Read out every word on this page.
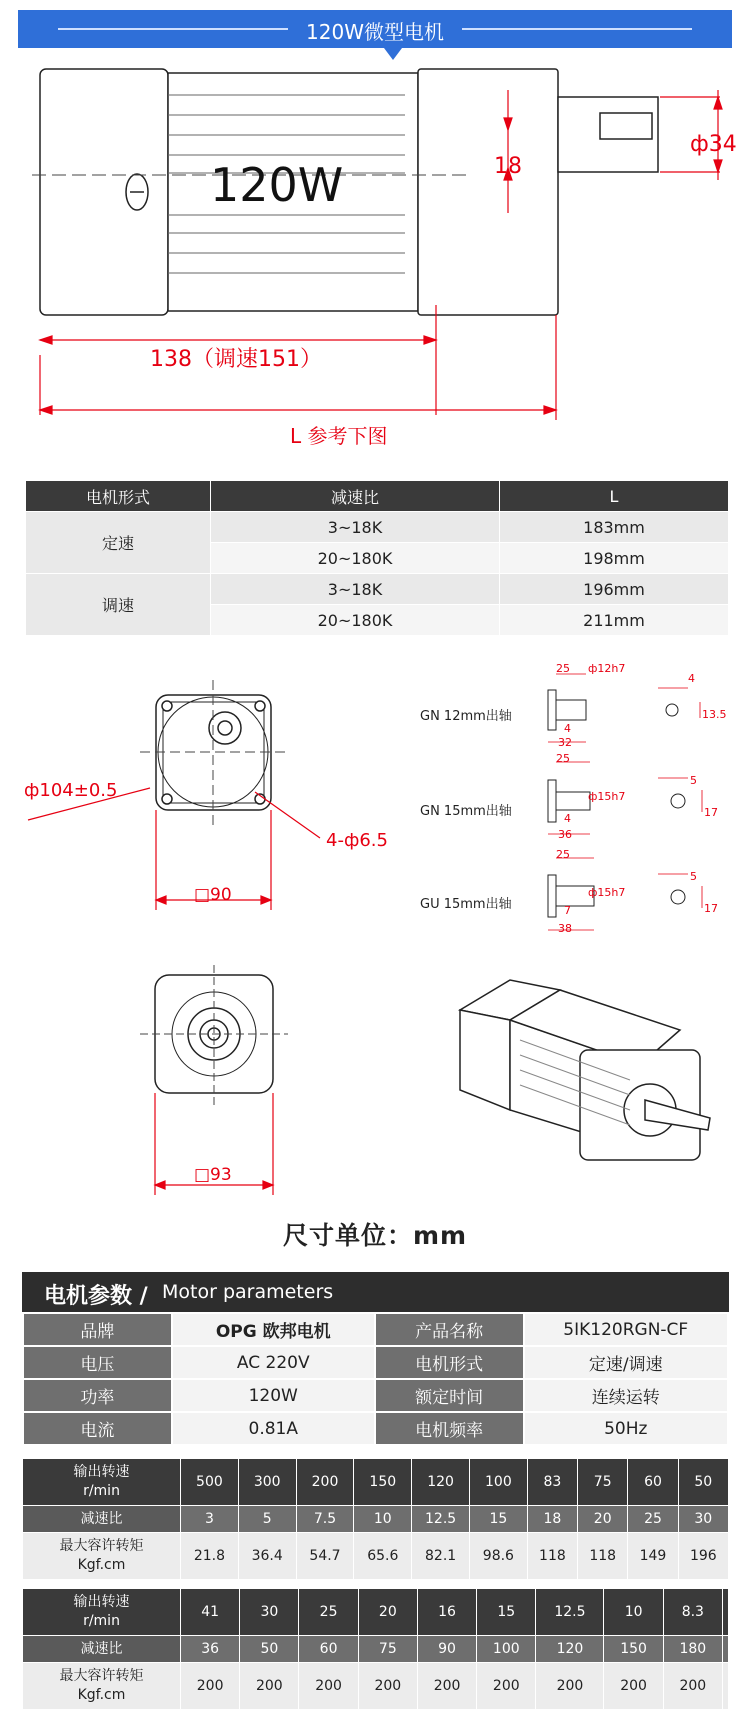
120W微型电机
120W	18
ф34
138（调速151）
L 参考下图
电机形式	减速比	L
定速	3~18K	183mm
	20~180K	198mm
调速	3~18K	196mm
	20~180K	211mm
ф104±0.5
4-ф6.5
□90
GN 12mm出轴
GN 15mm出轴
GU 15mm出轴
25 ф12h7
4
32
4
13.5
25
ф15h7
4
36
5
17
25
ф15h7
7
38
5
17
□93
尺寸单位：mm
电机参数 / Motor parameters
品牌	OPG 欧邦电机	产品名称	5IK120RGN-CF
电压	AC 220V	电机形式	定速/调速
功率	120W	额定时间	连续运转
电流	0.81A	电机频率	50Hz
输出转速
r/min	500	300	200	150	120	100	83	75	60	50

减速比	3	5	7.5	10	12.5	15	18	20	25	30

最大容许转矩
Kgf.cm	21.8	36.4	54.7	65.6	82.1	98.6	118	118	149	196
输出转速
r/min	41	30	25	20	16	15	12.5	10	8.3	

减速比	36	50	60	75	90	100	120	150	180	

最大容许转矩
Kgf.cm	200	200	200	200	200	200	200	200	200	
